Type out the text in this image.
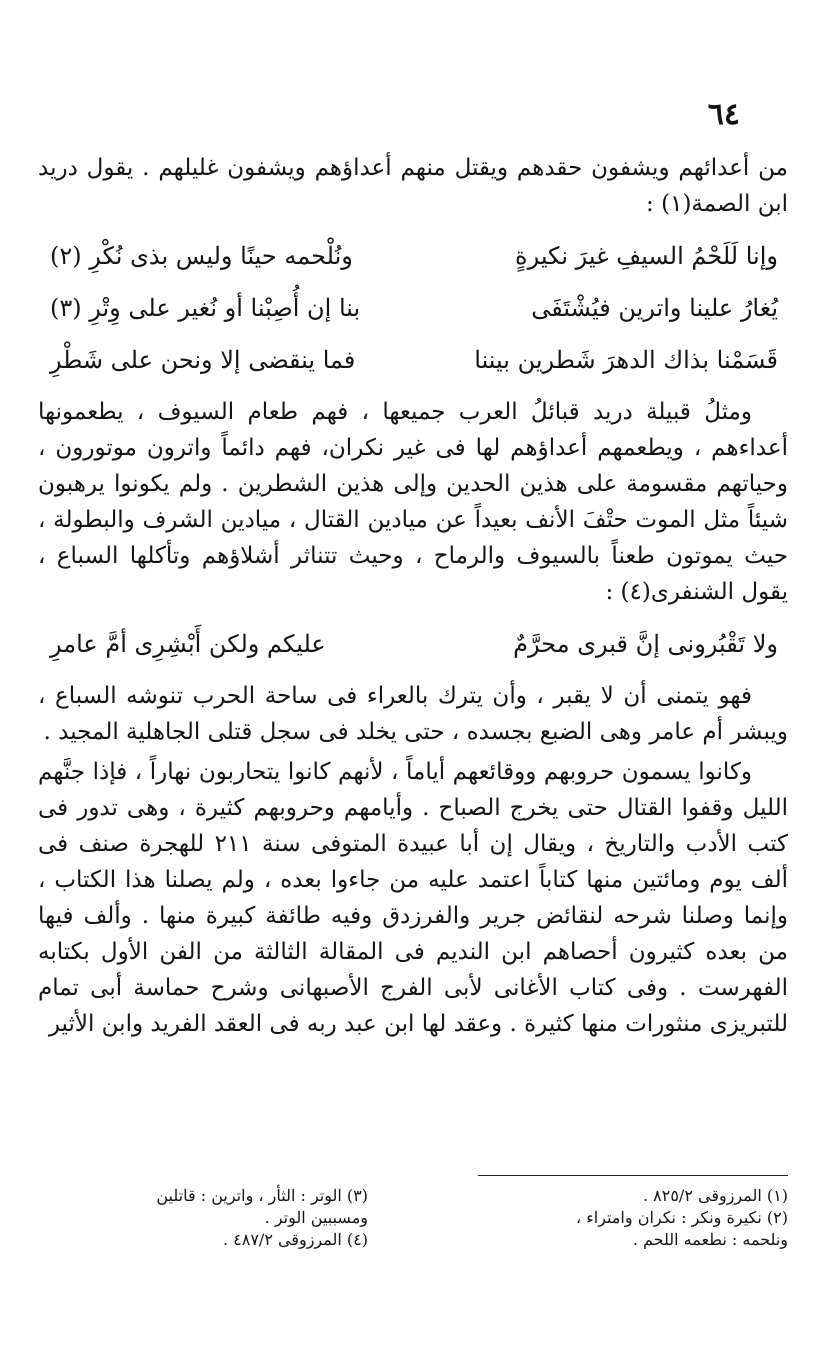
٦٤

من أعدائهم ويشفون حقدهم ويقتل منهم أعداؤهم ويشفون غليلهم . يقول دريد ابن الصمة(١) :

وإنا لَلَحْمُ السيفِ غيرَ نكيرةٍ
ونُلْحمه حينًا وليس بذى نُكْرِ (٢)
يُغارُ علينا واترين فيُشْتَفَى
بنا إن أُصِبْنا أو نُغير على وِتْرِ (٣)
قَسَمْنا بذاك الدهرَ شَطرين بيننا
فما ينقضى إلا ونحن على شَطْرِ

ومثلُ قبيلة دريد قبائلُ العرب جميعها ، فهم طعام السيوف ، يطعمونها أعداءهم ، ويطعمهم أعداؤهم لها فى غير نكران، فهم دائماً واترون موتورون ، وحياتهم مقسومة على هذين الحدين وإلى هذين الشطرين . ولم يكونوا يرهبون شيئاً مثل الموت حتْفَ الأنف بعيداً عن ميادين القتال ، ميادين الشرف والبطولة ، حيث يموتون طعناً بالسيوف والرماح ، وحيث تتناثر أشلاؤهم وتأكلها السباع ، يقول الشنفرى(٤) :

ولا تَقْبُرونى إنَّ قبرى محرَّمٌ
عليكم ولكن أَبْشِرِى أمَّ عامرِ

فهو يتمنى أن لا يقبر ، وأن يترك بالعراء فى ساحة الحرب تنوشه السباع ، ويبشر أم عامر وهى الضبع بجسده ، حتى يخلد فى سجل قتلى الجاهلية المجيد .

وكانوا يسمون حروبهم ووقائعهم أياماً ، لأنهم كانوا يتحاربون نهاراً ، فإذا جنَّهم الليل وقفوا القتال حتى يخرج الصباح . وأيامهم وحروبهم كثيرة ، وهى تدور فى كتب الأدب والتاريخ ، ويقال إن أبا عبيدة المتوفى سنة ٢١١ للهجرة صنف فى ألف يوم ومائتين منها كتاباً اعتمد عليه من جاءوا بعده ، ولم يصلنا هذا الكتاب ، وإنما وصلنا شرحه لنقائض جرير والفرزدق وفيه طائفة كبيرة منها . وألف فيها من بعده كثيرون أحصاهم ابن النديم فى المقالة الثالثة من الفن الأول بكتابه الفهرست . وفى كتاب الأغانى لأبى الفرج الأصبهانى وشرح حماسة أبى تمام للتبريزى منثورات منها كثيرة . وعقد لها ابن عبد ربه فى العقد الفريد وابن الأثير

(١) المرزوقى ٨٢٥/٢ .
(٢) نكيرة ونكر : نكران وامتراء ،
ونلحمه : نطعمه اللحم .
(٣) الوتر : الثأر ، واترين : قاتلين
ومسببين الوتر .
(٤) المرزوقى ٤٨٧/٢ .
